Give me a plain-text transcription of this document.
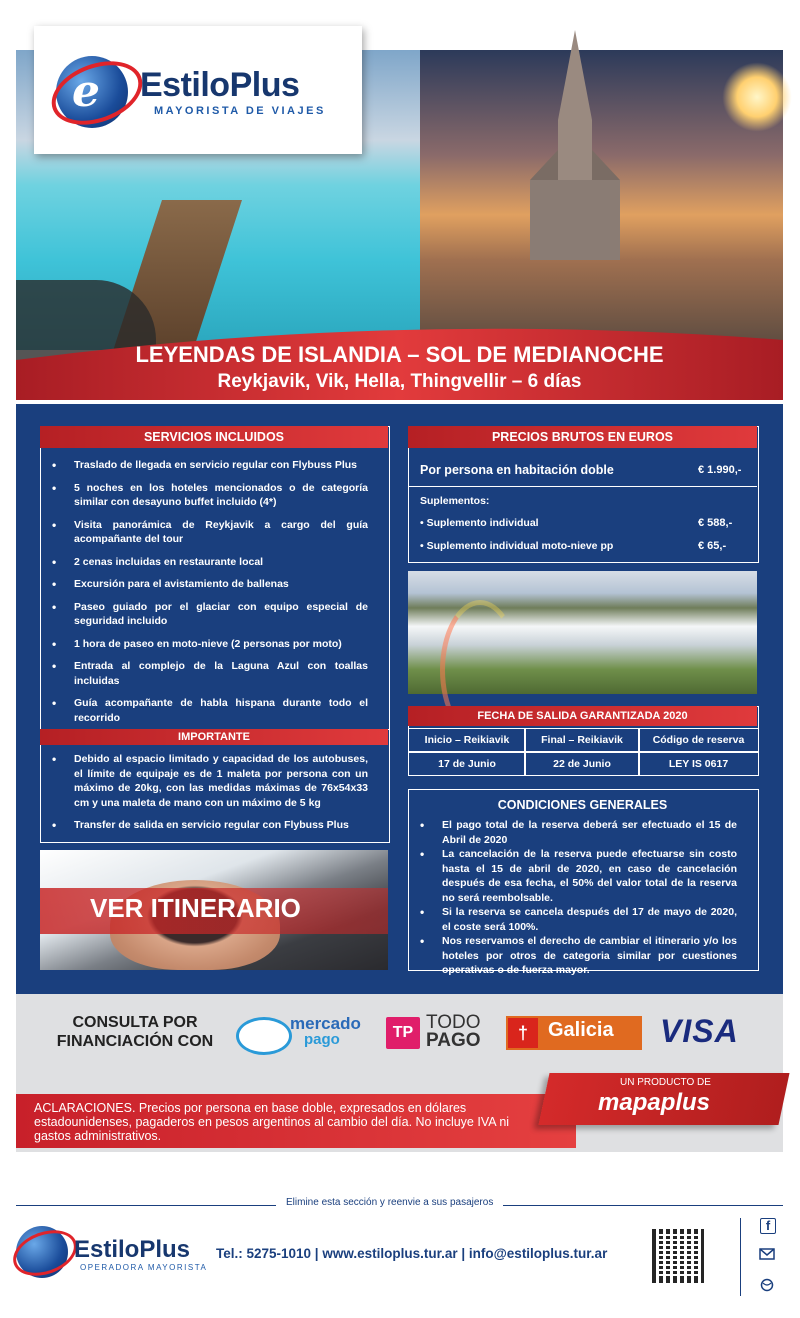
e EstiloPlus
MAYORISTA DE VIAJES
LEYENDAS DE ISLANDIA – SOL DE MEDIANOCHE
Reykjavik, Vik, Hella, Thingvellir – 6 días
SERVICIOS INCLUIDOS
• Traslado de llegada en servicio regular con Flybuss Plus
• 5 noches en los hoteles mencionados o de categoría similar con desayuno buffet incluido (4*)
• Visita panorámica de Reykjavik a cargo del guía acompañante del tour
• 2 cenas incluidas en restaurante local
• Excursión para el avistamiento de ballenas
• Paseo guiado por el glaciar con equipo especial de seguridad incluido
• 1 hora de paseo en moto-nieve (2 personas por moto)
• Entrada al complejo de la Laguna Azul con toallas incluidas
• Guía acompañante de habla hispana durante todo el recorrido
IMPORTANTE
• Debido al espacio limitado y capacidad de los autobuses, el límite de equipaje es de 1 maleta por persona con un máximo de 20kg, con las medidas máximas de 76x54x33 cm y una maleta de mano con un máximo de 5 kg
• Transfer de salida en servicio regular con Flybuss Plus
VER ITINERARIO
PRECIOS BRUTOS EN EUROS
Por persona en habitación doble	€ 1.990,-
Suplementos:
• Suplemento individual	€ 588,-
• Suplemento individual moto-nieve pp	€ 65,-
FECHA DE SALIDA GARANTIZADA 2020
Inicio – Reikiavik	Final – Reikiavik	Código de reserva
17 de Junio	22 de Junio	LEY IS 0617
CONDICIONES GENERALES
• El pago total de la reserva deberá ser efectuado el 15 de Abril de 2020
• La cancelación de la reserva puede efectuarse sin costo hasta el 15 de abril de 2020, en caso de cancelación después de esa fecha, el 50% del valor total de la reserva no será reembolsable.
• Si la reserva se cancela después del 17 de mayo de 2020, el coste será 100%.
• Nos reservamos el derecho de cambiar el itinerario y/o los hoteles por otros de categoria similar por cuestiones operativas o de fuerza mayor.
CONSULTA POR
FINANCIACIÓN CON
mercado
pago	TP TODO
PAGO	†	Galicia VISA
ACLARACIONES. Precios por persona en base doble, expresados en dólares estadounidenses, pagaderos en pesos argentinos al cambio del día. No incluye IVA ni gastos administrativos.
UN PRODUCTO DE
mapaplus
Elimine esta sección y reenvie a sus pasajeros
EstiloPlus
OPERADORA MAYORISTA
Tel.: 5275-1010 | www.estiloplus.tur.ar | info@estiloplus.tur.ar
f
